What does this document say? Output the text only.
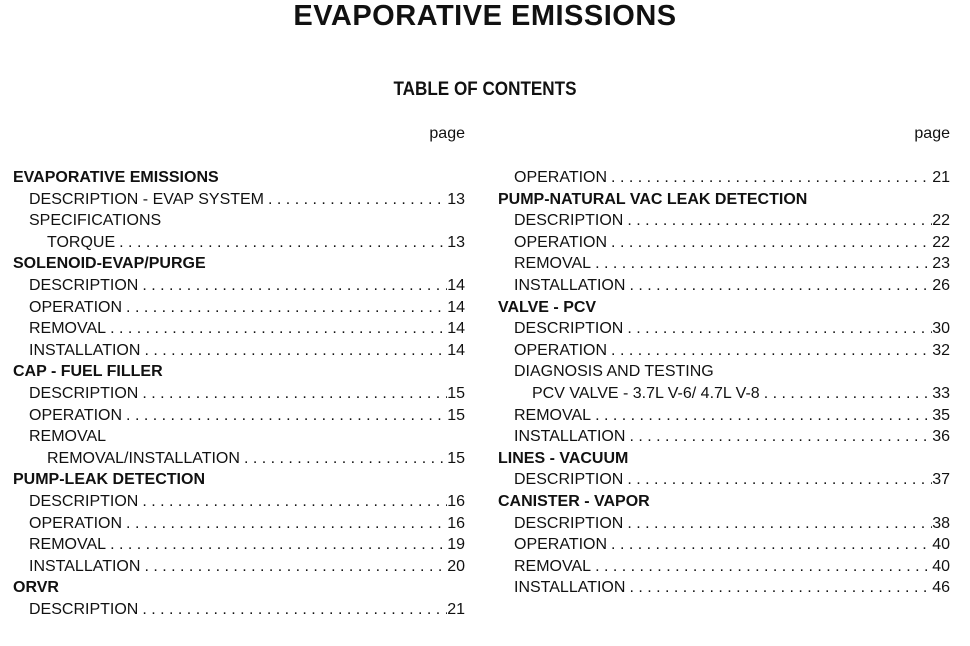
EVAPORATIVE EMISSIONS
TABLE OF CONTENTS
page
EVAPORATIVE EMISSIONS
DESCRIPTION - EVAP SYSTEM . . .	13
SPECIFICATIONS
TORQUE . . .	13
SOLENOID-EVAP/PURGE
DESCRIPTION . . .	14
OPERATION . . .	14
REMOVAL . . .	14
INSTALLATION . . .	14
CAP - FUEL FILLER
DESCRIPTION . . .	15
OPERATION . . .	15
REMOVAL
REMOVAL/INSTALLATION . . .	15
PUMP-LEAK DETECTION
DESCRIPTION . . .	16
OPERATION . . .	16
REMOVAL . . .	19
INSTALLATION . . .	20
ORVR
DESCRIPTION . . .	21
page
OPERATION . . .	21
PUMP-NATURAL VAC LEAK DETECTION
DESCRIPTION . . .	22
OPERATION . . .	22
REMOVAL . . .	23
INSTALLATION . . .	26
VALVE - PCV
DESCRIPTION . . .	30
OPERATION . . .	32
DIAGNOSIS AND TESTING
PCV VALVE - 3.7L V-6/ 4.7L V-8 . . .	33
REMOVAL . . .	35
INSTALLATION . . .	36
LINES - VACUUM
DESCRIPTION . . .	37
CANISTER - VAPOR
DESCRIPTION . . .	38
OPERATION . . .	40
REMOVAL . . .	40
INSTALLATION . . .	46
